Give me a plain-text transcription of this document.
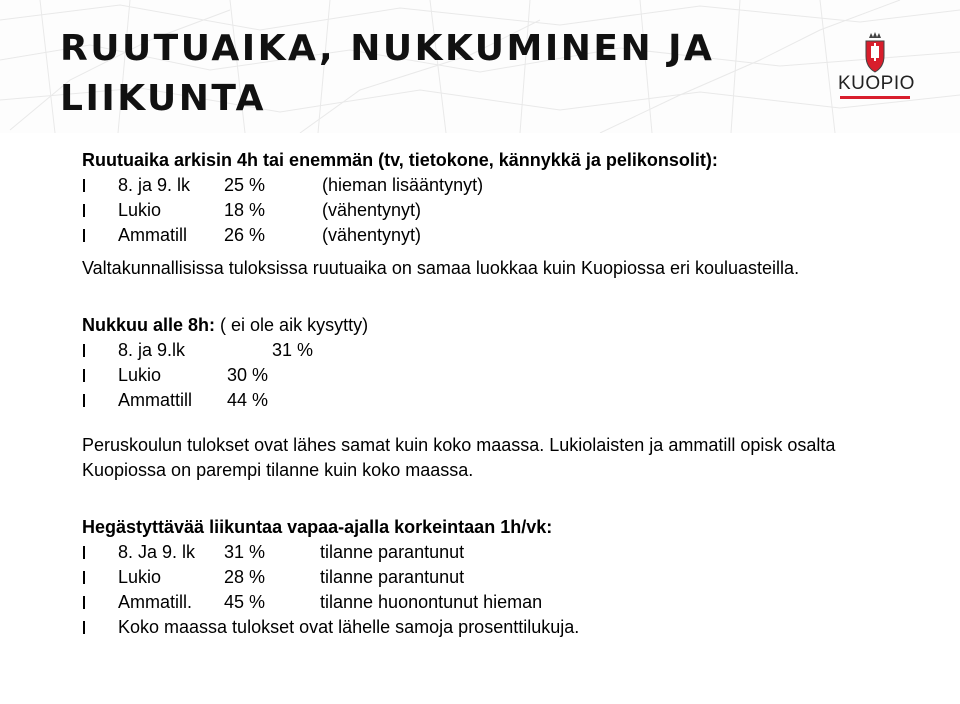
RUUTUAIKA, NUKKUMINEN JA
LIIKUNTA	KUOPIO
Ruutuaika arkisin 4h tai enemmän (tv, tietokone, kännykkä ja pelikonsolit):
8. ja 9. lk 25 %	(hieman lisääntynyt)
Lukio	18 %	(vähentynyt)
Ammatill 26 %	(vähentynyt)

Valtakunnallisissa tuloksissa ruutuaika on samaa luokkaa kuin Kuopiossa eri kouluasteilla.

Nukkuu alle 8h: ( ei ole aik kysytty)
8. ja 9.lk	31 %
Lukio	30 %
Ammattill 44 %

Peruskoulun tulokset ovat lähes samat kuin koko maassa. Lukiolaisten ja ammatill opisk osalta Kuopiossa on parempi tilanne kuin koko maassa.

Hegästyttävää liikuntaa vapaa-ajalla korkeintaan 1h/vk:
8. Ja 9. lk 31 %	tilanne parantunut
Lukio	28 %	tilanne parantunut
Ammatill. 45 %	tilanne huonontunut hieman
Koko maassa tulokset ovat lähelle samoja prosenttilukuja.
